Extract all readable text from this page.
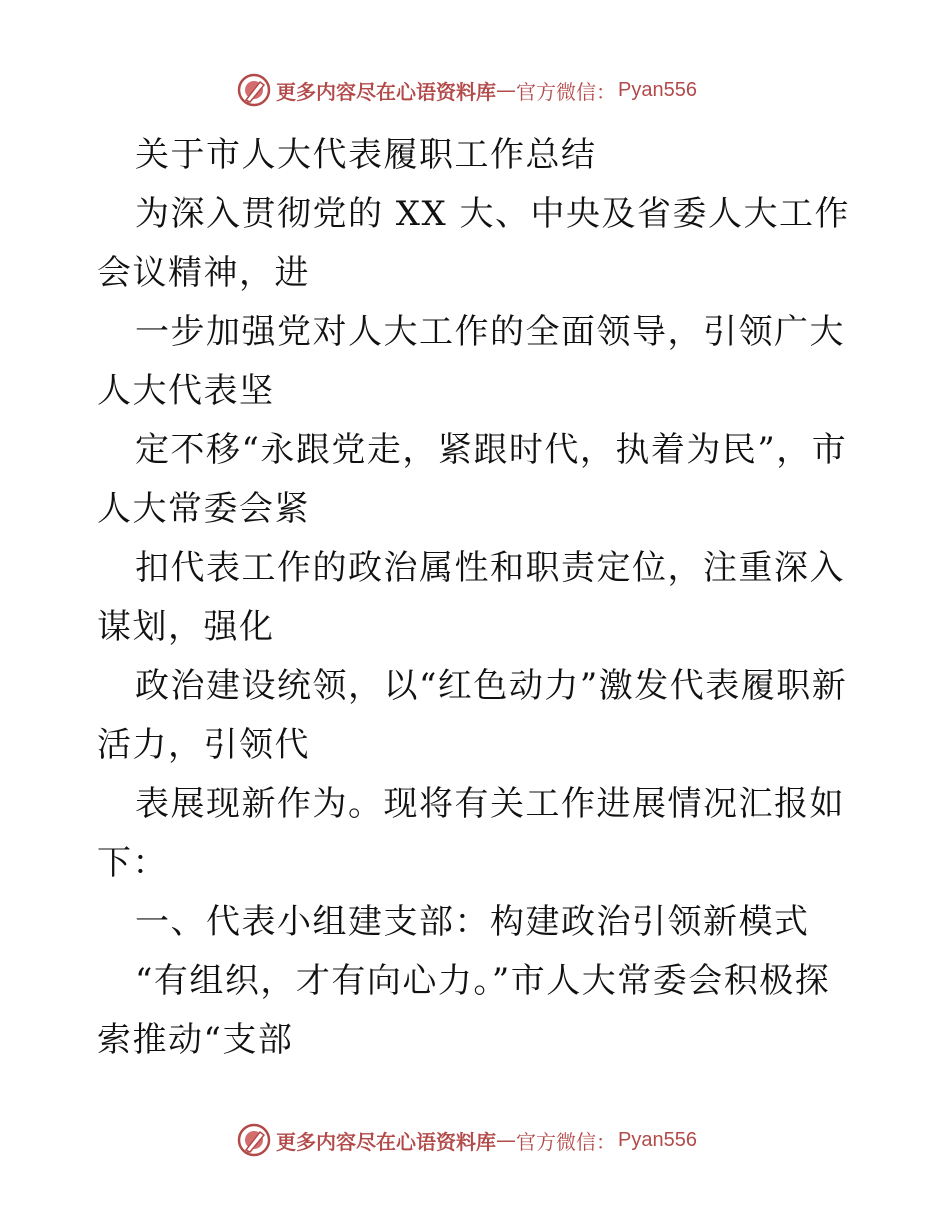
更多内容尽在心语资料库 — 官方微信： Pyan556

关于市人大代表履职工作总结

为深入贯彻党的 XX 大、中央及省委人大工作会议精神，进

一步加强党对人大工作的全面领导，引领广大人大代表坚

定不移“永跟党走，紧跟时代，执着为民”，市人大常委会紧

扣代表工作的政治属性和职责定位，注重深入谋划，强化

政治建设统领，以“红色动力”激发代表履职新活力，引领代

表展现新作为。现将有关工作进展情况汇报如下：

一、代表小组建支部：构建政治引领新模式

“有组织，才有向心力。”市人大常委会积极探索推动“支部

更多内容尽在心语资料库 — 官方微信： Pyan556
